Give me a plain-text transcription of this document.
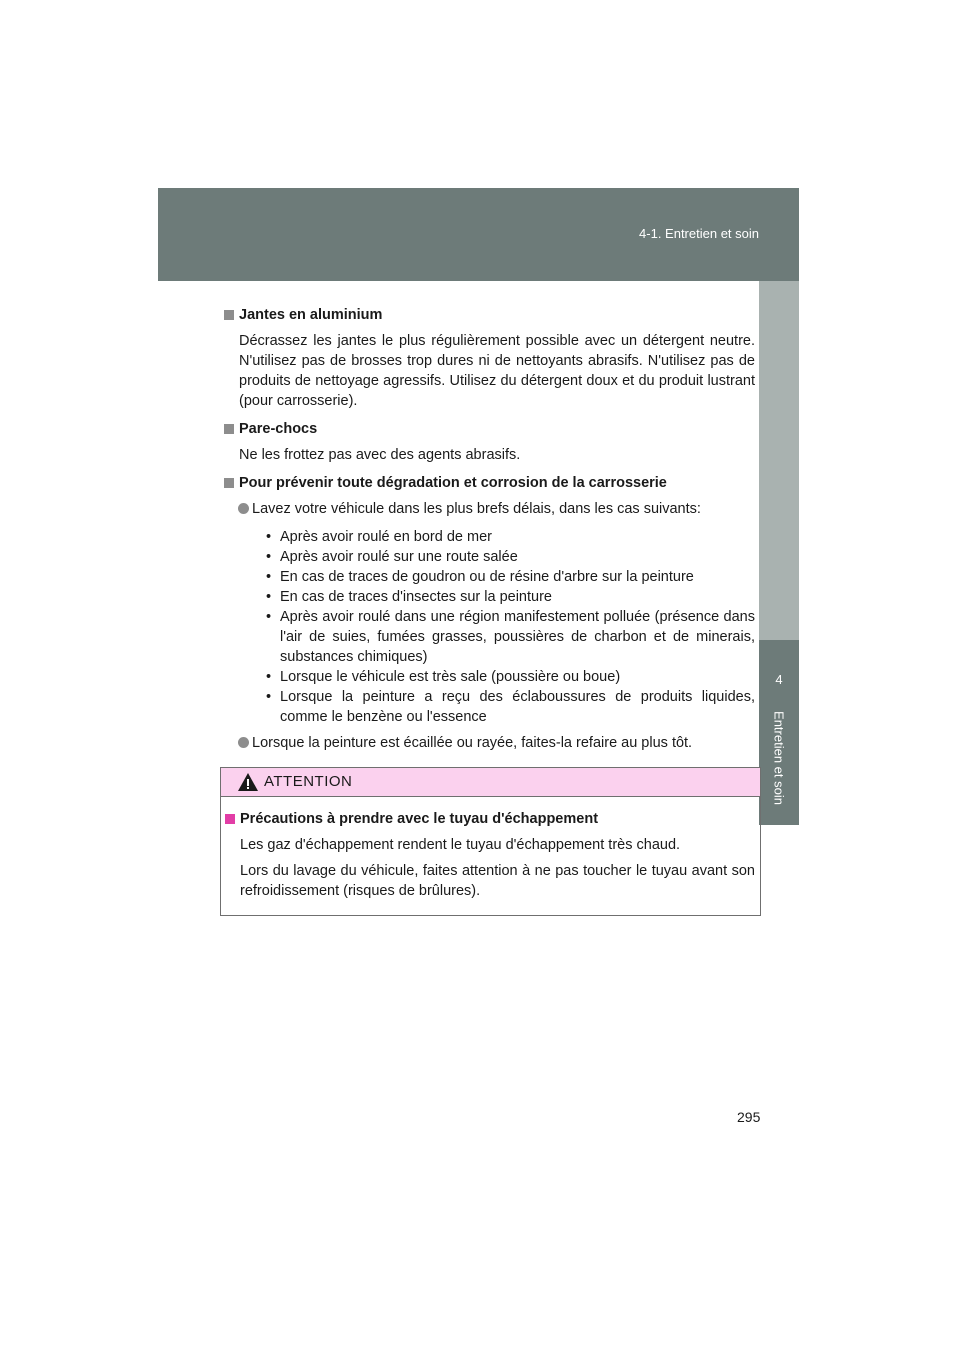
4-1. Entretien et soin
4
Entretien et soin
Jantes en aluminium
Décrassez les jantes le plus régulièrement possible avec un détergent neutre. N'utilisez pas de brosses trop dures ni de nettoyants abrasifs. N'utilisez pas de produits de nettoyage agressifs. Utilisez du détergent doux et du produit lustrant (pour carrosserie).
Pare-chocs
Ne les frottez pas avec des agents abrasifs.
Pour prévenir toute dégradation et corrosion de la carrosserie
Lavez votre véhicule dans les plus brefs délais, dans les cas suivants:
• Après avoir roulé en bord de mer
• Après avoir roulé sur une route salée
• En cas de traces de goudron ou de résine d'arbre sur la peinture
• En cas de traces d'insectes sur la peinture
• Après avoir roulé dans une région manifestement polluée (présence dans l'air de suies, fumées grasses, poussières de charbon et de minerais, substances chimiques)
• Lorsque le véhicule est très sale (poussière ou boue)
• Lorsque la peinture a reçu des éclaboussures de produits liquides, comme le benzène ou l'essence
Lorsque la peinture est écaillée ou rayée, faites-la refaire au plus tôt.
ATTENTION
Précautions à prendre avec le tuyau d'échappement
Les gaz d'échappement rendent le tuyau d'échappement très chaud.
Lors du lavage du véhicule, faites attention à ne pas toucher le tuyau avant son refroidissement (risques de brûlures).
295
